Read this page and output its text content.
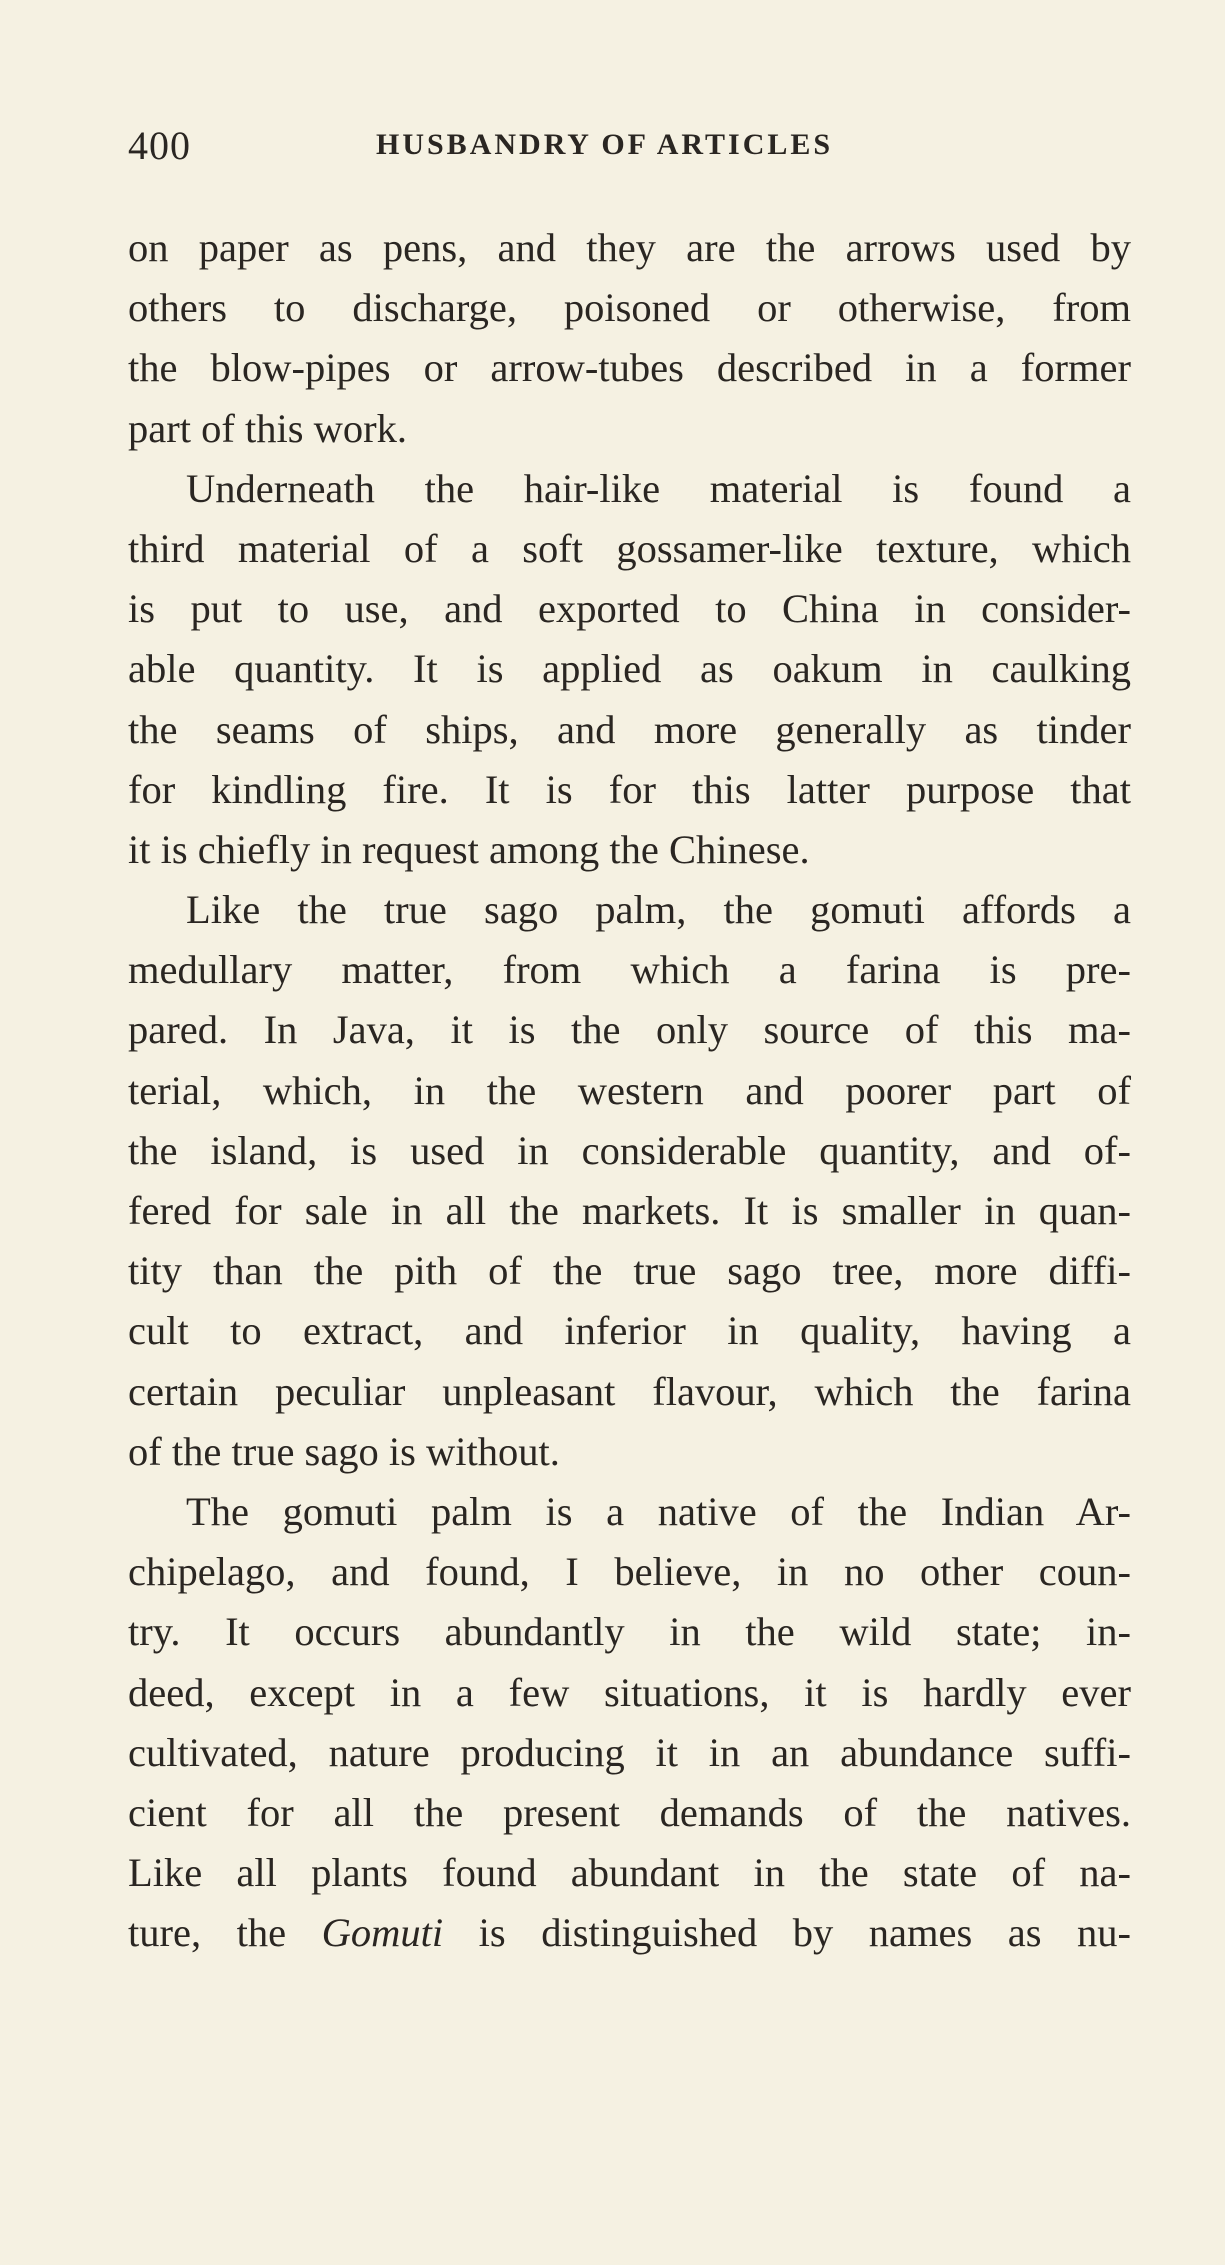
400	HUSBANDRY OF ARTICLES
on paper as pens, and they are the arrows used by
others to discharge, poisoned or otherwise, from
the blow-pipes or arrow-tubes described in a former
part of this work.
Underneath the hair-like material is found a
third material of a soft gossamer-like texture, which
is put to use, and exported to China in consider-
able quantity. It is applied as oakum in caulking
the seams of ships, and more generally as tinder
for kindling fire. It is for this latter purpose that
it is chiefly in request among the Chinese.
Like the true sago palm, the gomuti affords a
medullary matter, from which a farina is pre-
pared. In Java, it is the only source of this ma-
terial, which, in the western and poorer part of
the island, is used in considerable quantity, and of-
fered for sale in all the markets. It is smaller in quan-
tity than the pith of the true sago tree, more diffi-
cult to extract, and inferior in quality, having a
certain peculiar unpleasant flavour, which the farina
of the true sago is without.
The gomuti palm is a native of the Indian Ar-
chipelago, and found, I believe, in no other coun-
try. It occurs abundantly in the wild state; in-
deed, except in a few situations, it is hardly ever
cultivated, nature producing it in an abundance suffi-
cient for all the present demands of the natives.
Like all plants found abundant in the state of na-
ture, the Gomuti is distinguished by names as nu-
